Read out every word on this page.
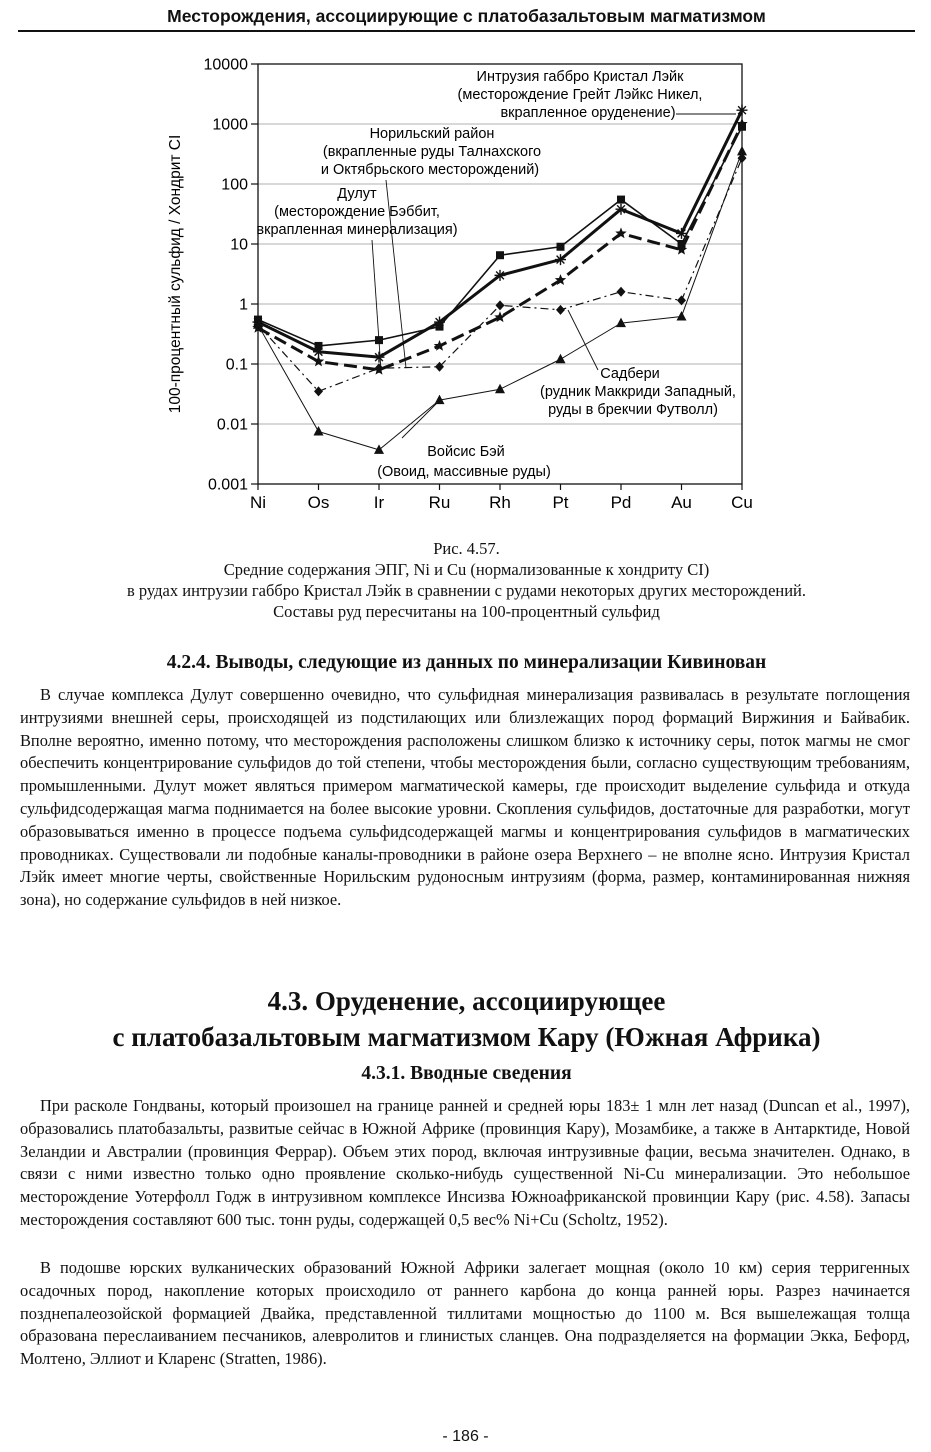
Месторождения, ассоциирующие с платобазальтовым магматизмом
0.001
0.01
0.1
1
10
100
1000
10000
Ni Os	Ir	Ru Rh Pt Pd Au Cu
100-процентный сульфид / Хондрит CI
Интрузия габбро Кристал Лэйк
(месторождение Грейт Лэйкс Никел,
вкрапленное оруденение)
Норильский район
(вкрапленные руды Талнахского
и Октябрьского месторождений)
Дулут
(месторождение Бэббит,
вкрапленная минерализация)
Садбери
(рудник Маккриди Западный,
руды в брекчии Футволл)
Войсис Бэй
(Овоид, массивные руды)
Рис. 4.57.
Средние содержания ЭПГ, Ni и Cu (нормализованные к хондриту CI)
в рудах интрузии габбро Кристал Лэйк в сравнении с рудами некоторых других месторождений.
Составы руд пересчитаны на 100-процентный сульфид
4.2.4. Выводы, следующие из данных по минерализации Кивинован

В случае комплекса Дулут совершенно очевидно, что сульфидная минерализация развивалась в результате поглощения интрузиями внешней серы, происходящей из подстилающих или близлежащих пород формаций Виржиния и Байвабик. Вполне вероятно, именно потому, что месторождения расположены слишком близко к источнику серы, поток магмы не смог обеспечить концентрирование сульфидов до той степени, чтобы месторождения были, согласно существующим требованиям, промышленными. Дулут может являться примером магматической камеры, где происходит выделение сульфида и откуда сульфидсодержащая магма поднимается на более высокие уровни. Скопления сульфидов, достаточные для разработки, могут образовываться именно в процессе подъема сульфидсодержащей магмы и концентрирования сульфидов в магматических проводниках. Существовали ли подобные каналы-проводники в районе озера Верхнего – не вполне ясно. Интрузия Кристал Лэйк имеет многие черты, свойственные Норильским рудоносным интрузиям (форма, размер, контаминированная нижняя зона), но содержание сульфидов в ней низкое.

4.3. Оруденение, ассоциирующее
с платобазальтовым магматизмом Кару (Южная Африка)
4.3.1. Вводные сведения

При расколе Гондваны, который произошел на границе ранней и средней юры 183± 1 млн лет назад (Duncan et al., 1997), образовались платобазальты, развитые сейчас в Южной Африке (провинция Кару), Мозамбике, а также в Антарктиде, Новой Зеландии и Австралии (провинция Феррар). Объем этих пород, включая интрузивные фации, весьма значителен. Однако, в связи с ними известно только одно проявление сколько-нибудь существенной Ni-Cu минерализации. Это небольшое месторождение Уотерфолл Годж в интрузивном комплексе Инсизва Южноафриканской провинции Кару (рис. 4.58). Запасы месторождения составляют 600 тыс. тонн руды, содержащей 0,5 вес% Ni+Cu (Scholtz, 1952).

В подошве юрских вулканических образований Южной Африки залегает мощная (около 10 км) серия терригенных осадочных пород, накопление которых происходило от раннего карбона до конца ранней юры. Разрез начинается позднепалеозойской формацией Двайка, представленной тиллитами мощностью до 1100 м. Вся вышележащая толща образована переслаиванием песчаников, алевролитов и глинистых сланцев. Она подразделяется на формации Экка, Бефорд, Молтено, Эллиот и Кларенс (Stratten, 1986).

- 186 -
